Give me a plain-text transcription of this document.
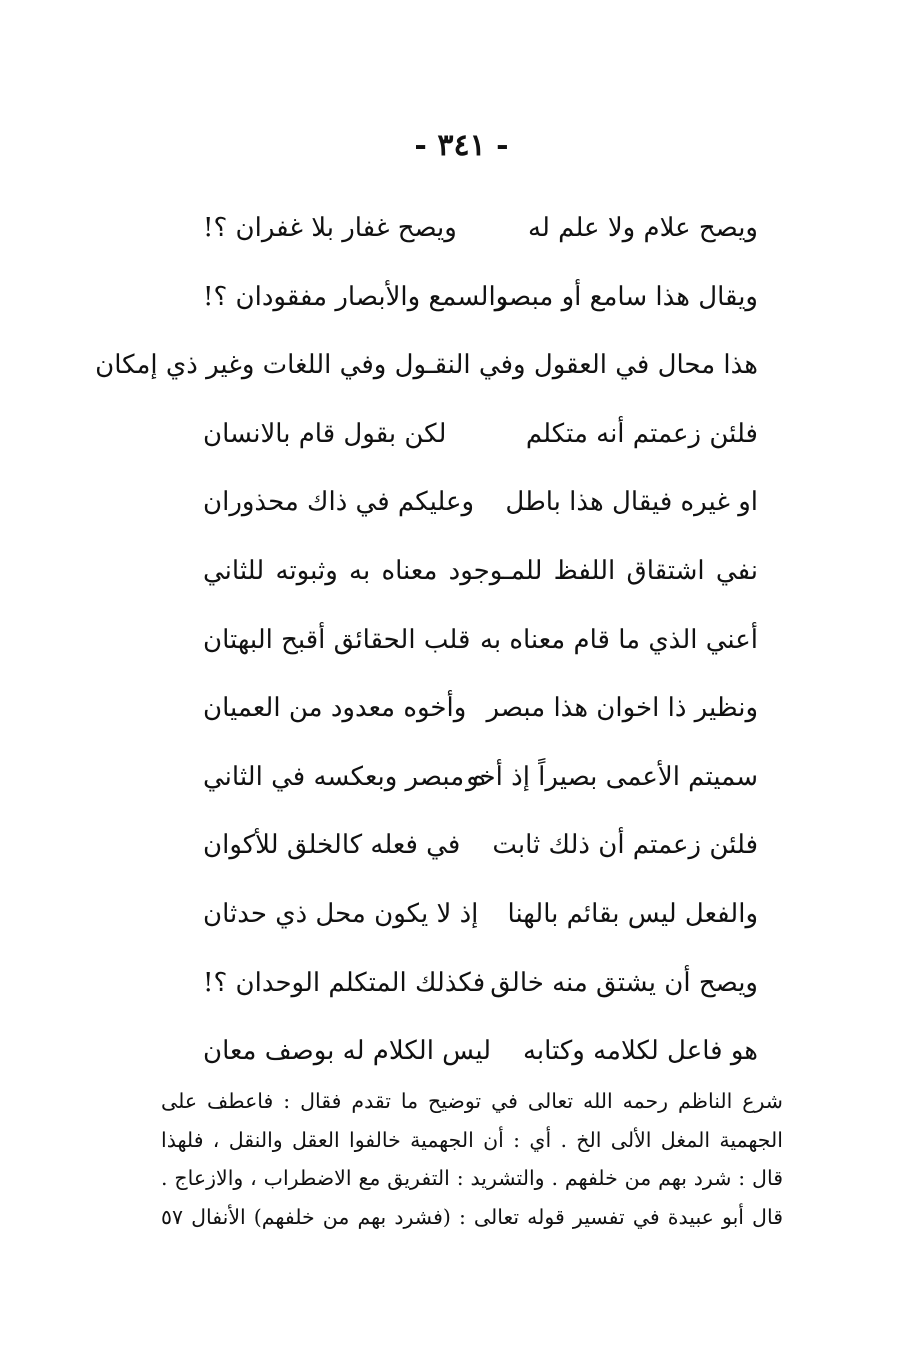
- ٣٤١ -
ويصح علام ولا علم له
ويصح غفار بلا غفران ؟!
ويقال هذا سامع أو مبصر
والسمع والأبصار مفقودان ؟!
هذا محال في العقول وفي النقـول وفي اللغات وغير ذي إمكان
فلئن زعمتم أنه متكلم
لكن بقول قام بالانسان
او غيره فيقال هذا باطل
وعليكم في ذاك محذوران
نفي اشتقاق اللفظ للمـوجود معناه به وثبوته للثاني
أعني الذي ما قام معناه به
قلب الحقائق أقبح البهتان
ونظير ذا اخوان هذا مبصر
وأخوه معدود من العميان
سميتم الأعمى بصيراً إذ أخو
ه مبصر وبعكسه في الثاني
فلئن زعمتم أن ذلك ثابت
في فعله كالخلق للأكوان
والفعل ليس بقائم بالهنا
إذ لا يكون محل ذي حدثان
ويصح أن يشتق منه خالق
فكذلك المتكلم الوحدان ؟!
هو فاعل لكلامه وكتابه
ليس الكلام له بوصف معان
شرع الناظم رحمه الله تعالى في توضيح ما تقدم فقال : فاعطف على
الجهمية المغل الألى الخ . أي : أن الجهمية خالفوا العقل والنقل ، فلهذا
قال : شرد بهم من خلفهم . والتشريد : التفريق مع الاضطراب ، والازعاج .
قال أبو عبيدة في تفسير قوله تعالى : (فشرد بهم من خلفهم) الأنفال ٥٧
